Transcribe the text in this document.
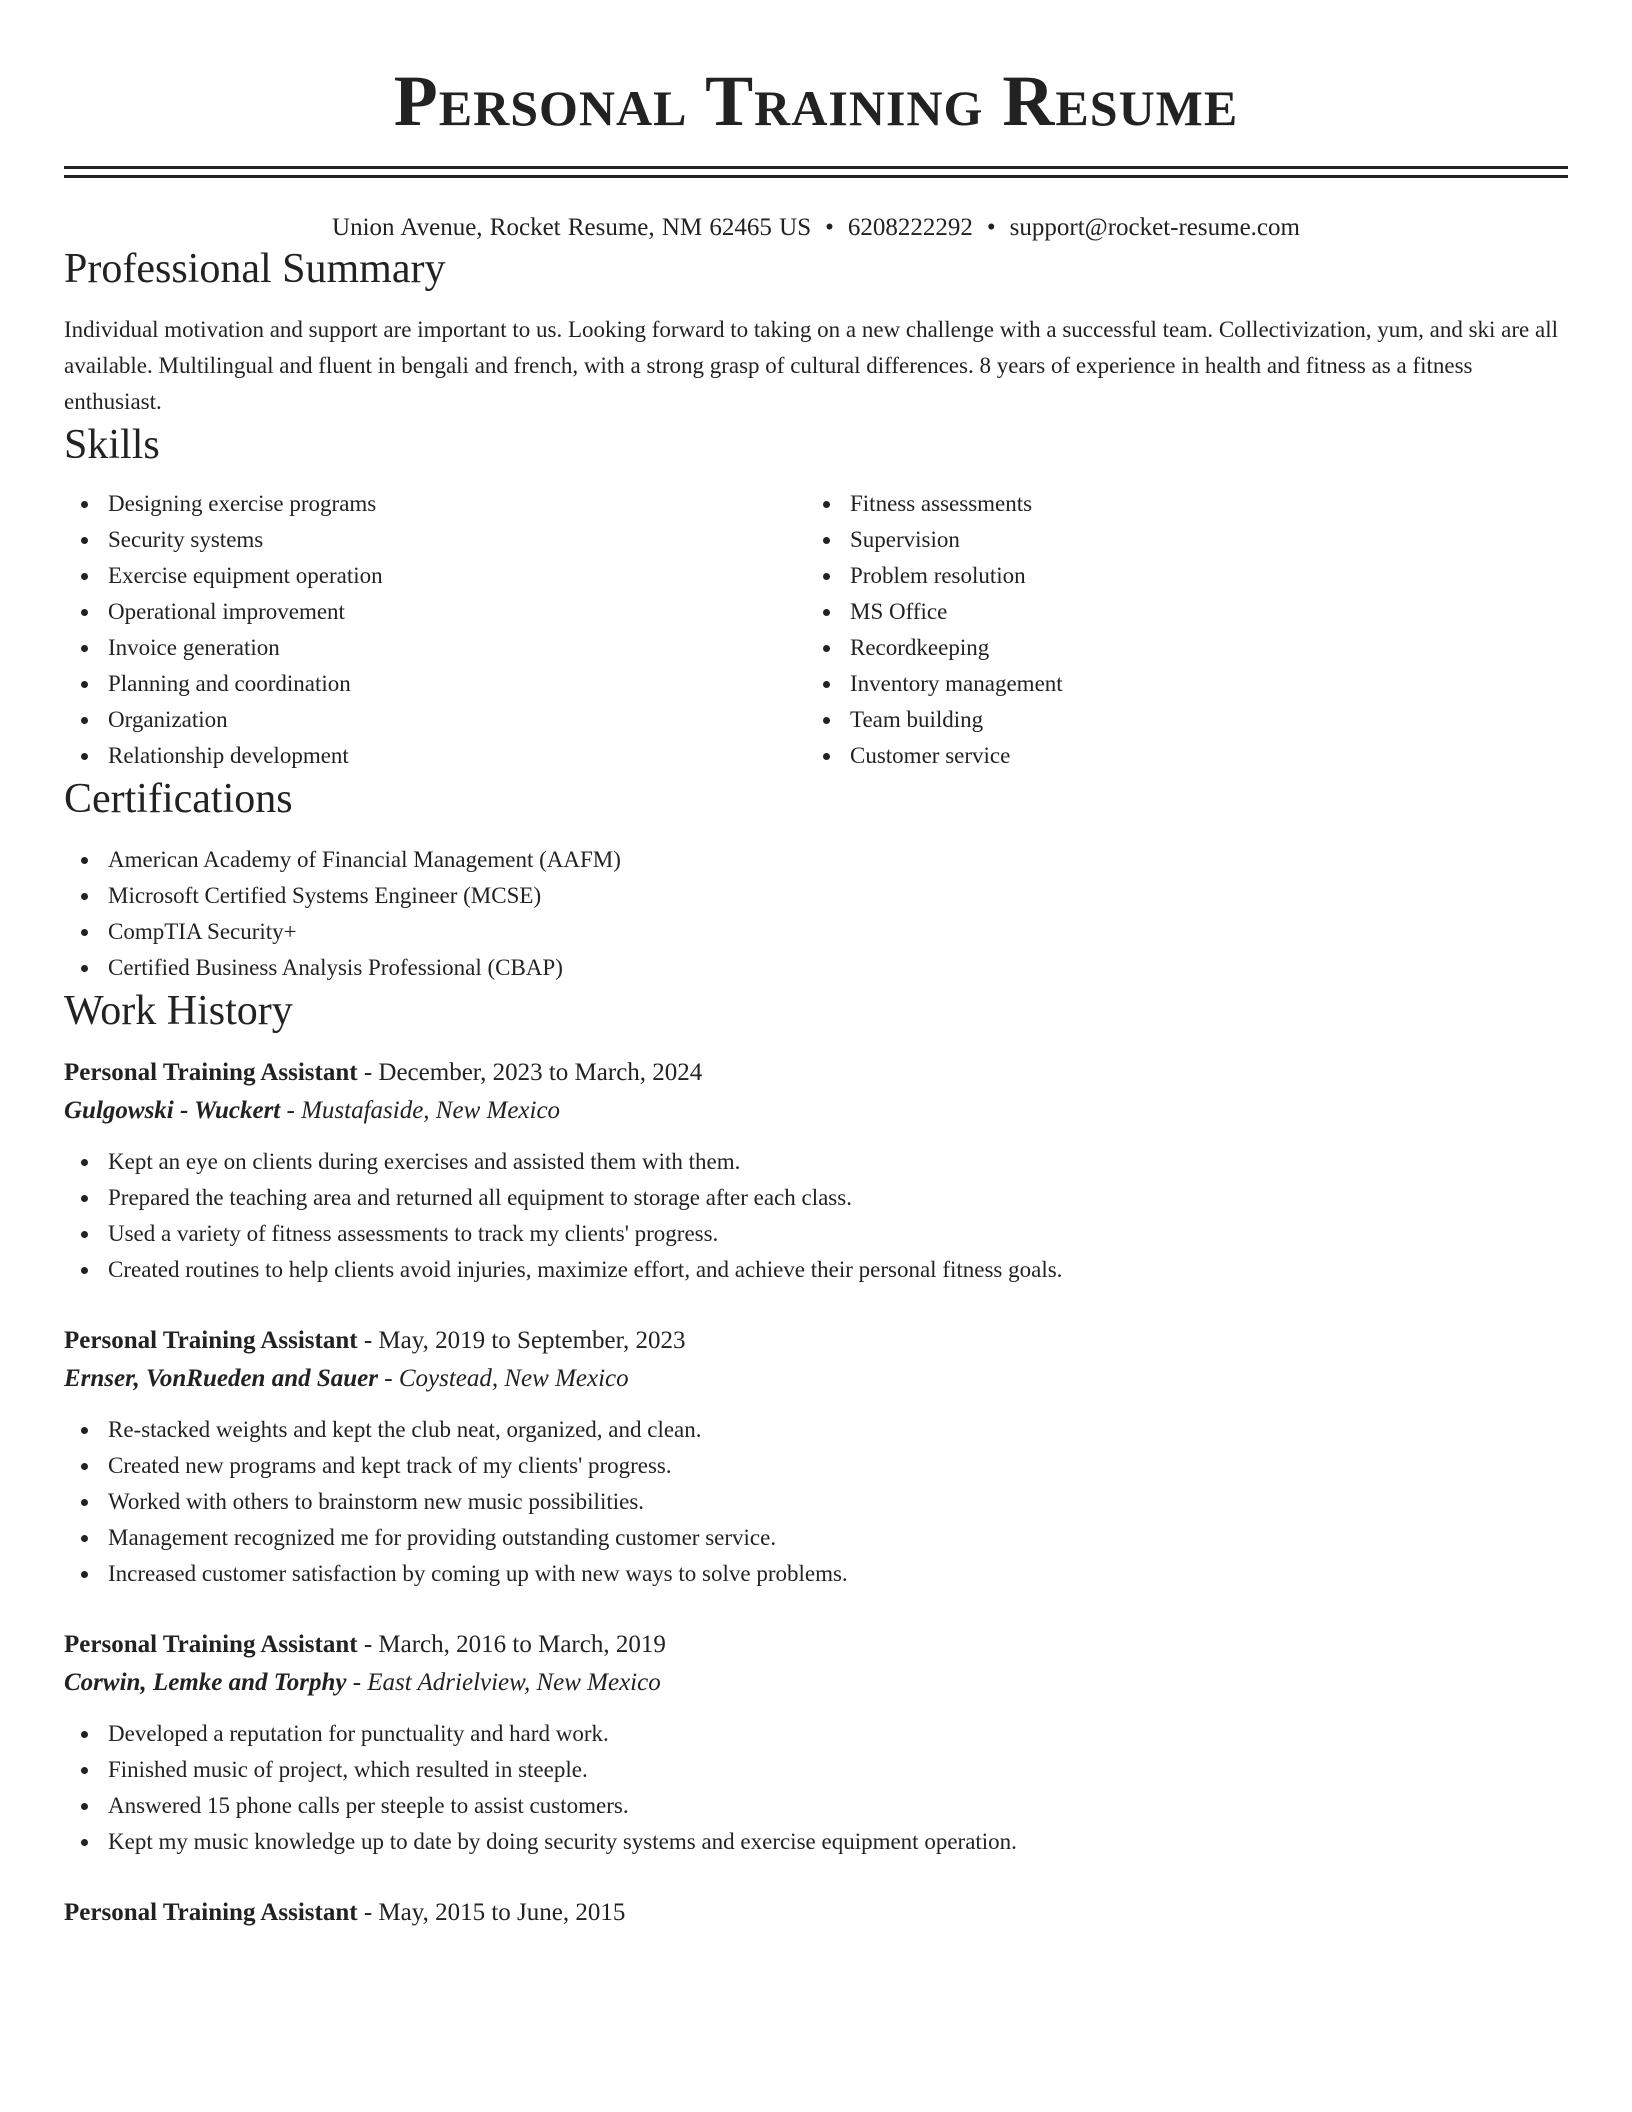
Personal Training Resume
Union Avenue, Rocket Resume, NM 62465 US • 6208222292 • support@rocket-resume.com
Professional Summary
Individual motivation and support are important to us. Looking forward to taking on a new challenge with a successful team. Collectivization, yum, and ski are all available. Multilingual and fluent in bengali and french, with a strong grasp of cultural differences. 8 years of experience in health and fitness as a fitness enthusiast.
Skills
Designing exercise programs
Security systems
Exercise equipment operation
Operational improvement
Invoice generation
Planning and coordination
Organization
Relationship development
Fitness assessments
Supervision
Problem resolution
MS Office
Recordkeeping
Inventory management
Team building
Customer service
Certifications
American Academy of Financial Management (AAFM)
Microsoft Certified Systems Engineer (MCSE)
CompTIA Security+
Certified Business Analysis Professional (CBAP)
Work History
Personal Training Assistant - December, 2023 to March, 2024
Gulgowski - Wuckert - Mustafaside, New Mexico
Kept an eye on clients during exercises and assisted them with them.
Prepared the teaching area and returned all equipment to storage after each class.
Used a variety of fitness assessments to track my clients' progress.
Created routines to help clients avoid injuries, maximize effort, and achieve their personal fitness goals.
Personal Training Assistant - May, 2019 to September, 2023
Ernser, VonRueden and Sauer - Coystead, New Mexico
Re-stacked weights and kept the club neat, organized, and clean.
Created new programs and kept track of my clients' progress.
Worked with others to brainstorm new music possibilities.
Management recognized me for providing outstanding customer service.
Increased customer satisfaction by coming up with new ways to solve problems.
Personal Training Assistant - March, 2016 to March, 2019
Corwin, Lemke and Torphy - East Adrielview, New Mexico
Developed a reputation for punctuality and hard work.
Finished music of project, which resulted in steeple.
Answered 15 phone calls per steeple to assist customers.
Kept my music knowledge up to date by doing security systems and exercise equipment operation.
Personal Training Assistant - May, 2015 to June, 2015
